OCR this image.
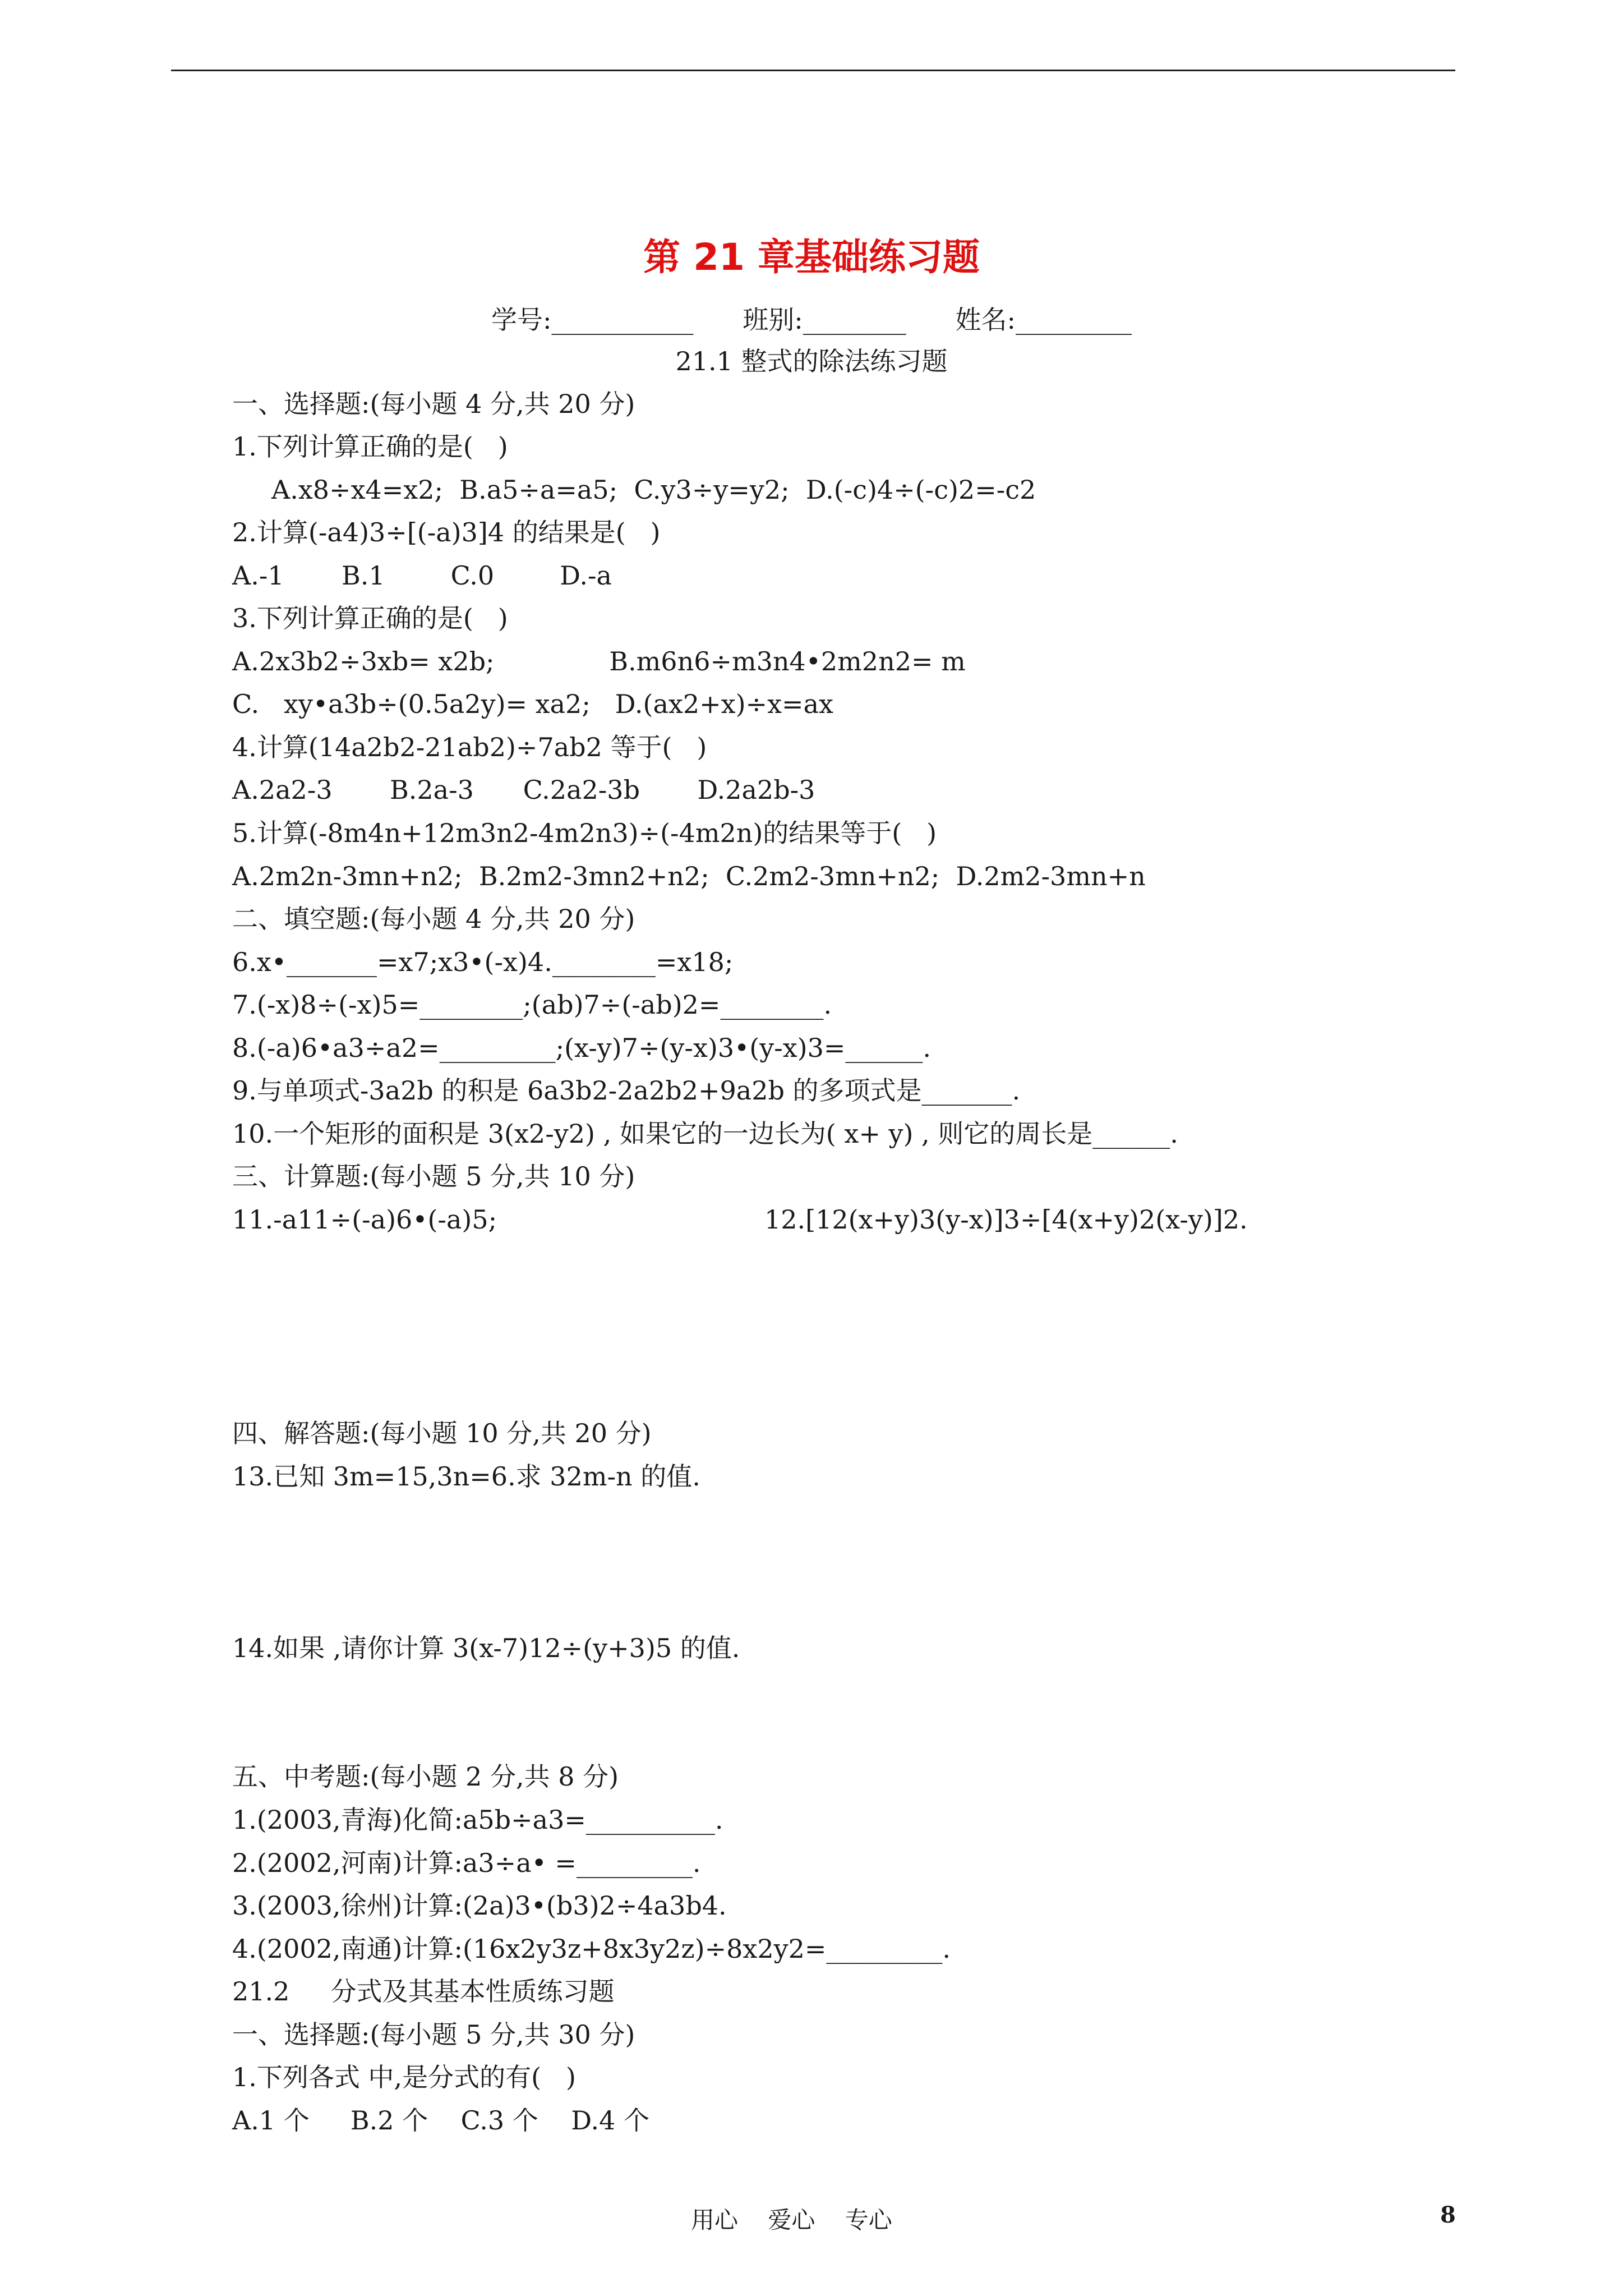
第 21 章基础练习题
学号:___________      班别:________      姓名:_________
21.1 整式的除法练习题
一、选择题:(每小题 4 分,共 20 分)
1.下列计算正确的是(   )
A.x8÷x4=x2;  B.a5÷a=a5;  C.y3÷y=y2;  D.(-c)4÷(-c)2=-c2
2.计算(-a4)3÷[(-a)3]4 的结果是(   )
A.-1       B.1        C.0        D.-a
3.下列计算正确的是(   )
A.2x3b2÷3xb= x2b;              B.m6n6÷m3n4•2m2n2= m
C.   xy•a3b÷(0.5a2y)= xa2;   D.(ax2+x)÷x=ax
4.计算(14a2b2-21ab2)÷7ab2 等于(   )
A.2a2-3       B.2a-3      C.2a2-3b       D.2a2b-3
5.计算(-8m4n+12m3n2-4m2n3)÷(-4m2n)的结果等于(   )
A.2m2n-3mn+n2;  B.2m2-3mn2+n2;  C.2m2-3mn+n2;  D.2m2-3mn+n
二、填空题:(每小题 4 分,共 20 分)
6.x•_______=x7;x3•(-x)4.________=x18;
7.(-x)8÷(-x)5=________;(ab)7÷(-ab)2=________.
8.(-a)6•a3÷a2=_________;(x-y)7÷(y-x)3•(y-x)3=______.
9.与单项式-3a2b 的积是 6a3b2-2a2b2+9a2b 的多项式是_______.
10.一个矩形的面积是 3(x2-y2) , 如果它的一边长为( x+ y) , 则它的周长是______.
三、计算题:(每小题 5 分,共 10 分)
11.-a11÷(-a)6•(-a)5;	12.[12(x+y)3(y-x)]3÷[4(x+y)2(x-y)]2.
四、解答题:(每小题 10 分,共 20 分)
13.已知 3m=15,3n=6.求 32m-n 的值.
14.如果 ,请你计算 3(x-7)12÷(y+3)5 的值.
五、中考题:(每小题 2 分,共 8 分)
1.(2003,青海)化简:a5b÷a3=__________.
2.(2002,河南)计算:a3÷a• =_________.
3.(2003,徐州)计算:(2a)3•(b3)2÷4a3b4.
4.(2002,南通)计算:(16x2y3z+8x3y2z)÷8x2y2=_________.
21.2     分式及其基本性质练习题
一、选择题:(每小题 5 分,共 30 分)
1.下列各式 中,是分式的有(   )
A.1 个     B.2 个    C.3 个    D.4 个
用心    爱心    专心	8
